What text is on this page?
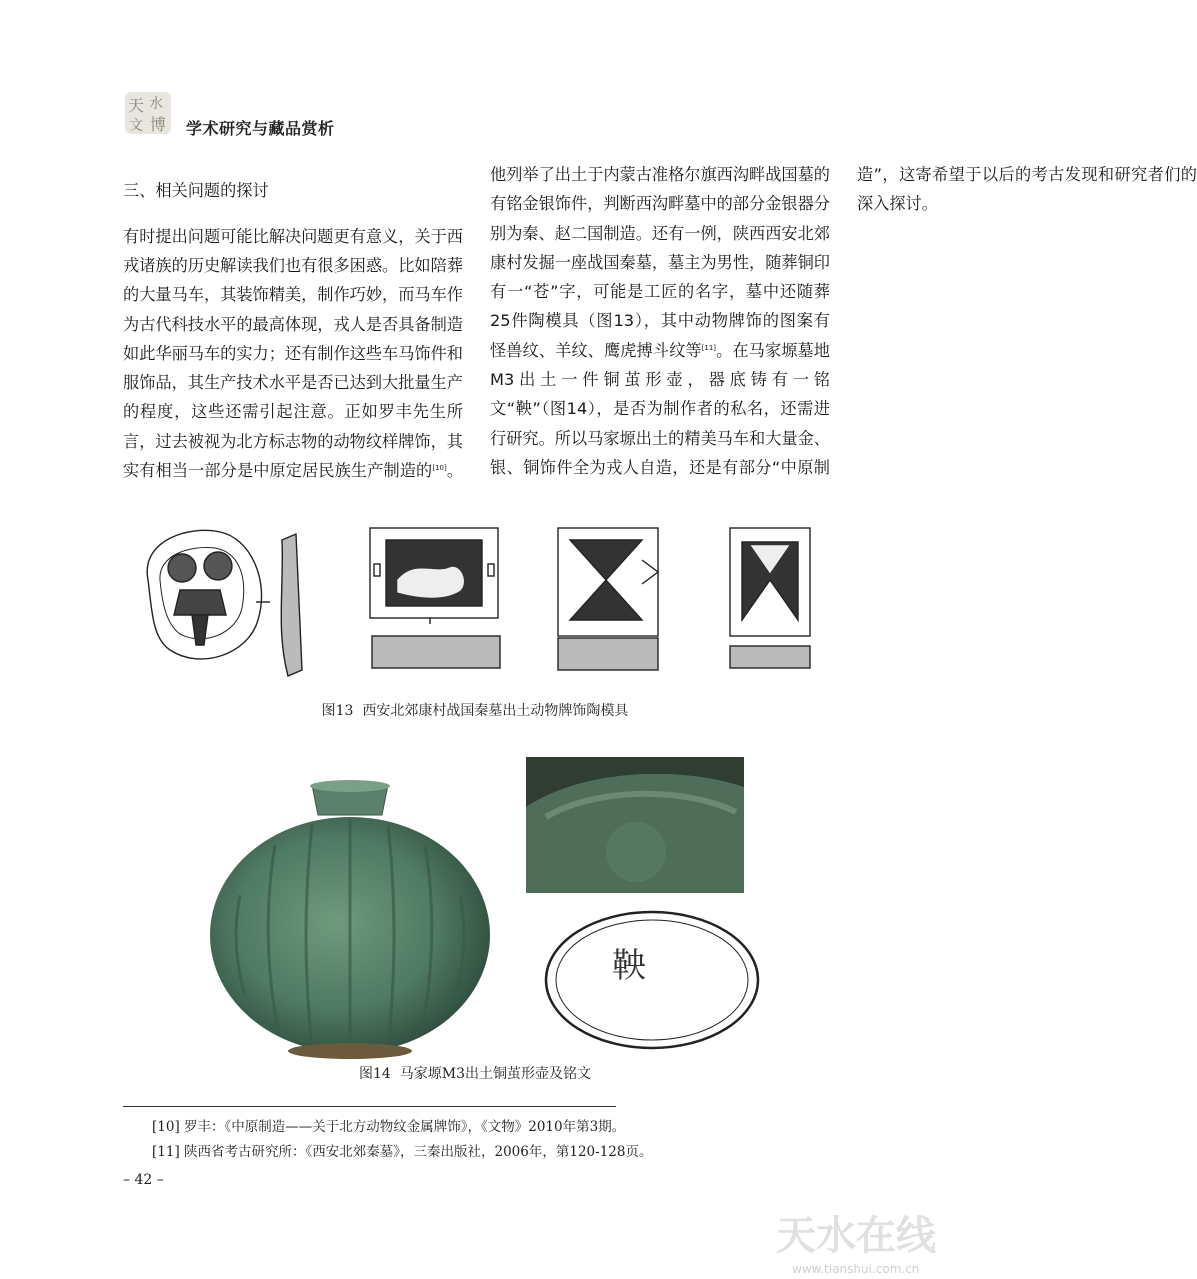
天 水
文 博 学术研究与藏品赏析
图13  西安北郊康村战国秦墓出土动物牌饰陶模具
鞅
图14  马家塬M3出土铜茧形壶及铭文
[10] 罗丰：《中原制造——关于北方动物纹金属牌饰》，《文物》2010年第3期。
[11] 陕西省考古研究所：《西安北郊秦墓》，三秦出版社，2006年，第120-128页。
– 42 –
天水在线
www.tianshui.com.cn

三、相关问题的探讨

有时提出问题可能比解决问题更有意义，关于西戎诸族的历史解读我们也有很多困惑。比如陪葬的大量马车，其装饰精美，制作巧妙，而马车作为古代科技水平的最高体现，戎人是否具备制造如此华丽马车的实力；还有制作这些车马饰件和服饰品，其生产技术水平是否已达到大批量生产的程度，这些还需引起注意。正如罗丰先生所言，过去被视为北方标志物的动物纹样牌饰，其实有相当一部分是中原定居民族生产制造的[10]。他列举了出土于内蒙古准格尔旗西沟畔战国墓的有铭金银饰件，判断西沟畔墓中的部分金银器分别为秦、赵二国制造。还有一例，陕西西安北郊康村发掘一座战国秦墓，墓主为男性，随葬铜印有一“苍”字，可能是工匠的名字，墓中还随葬25件陶模具（图13），其中动物牌饰的图案有怪兽纹、羊纹、鹰虎搏斗纹等[11]。在马家塬墓地M3出土一件铜茧形壶，器底铸有一铭文“鞅”（图14），是否为制作者的私名，还需进行研究。所以马家塬出土的精美马车和大量金、银、铜饰件全为戎人自造，还是有部分“中原制造”，这寄希望于以后的考古发现和研究者们的深入探讨。
